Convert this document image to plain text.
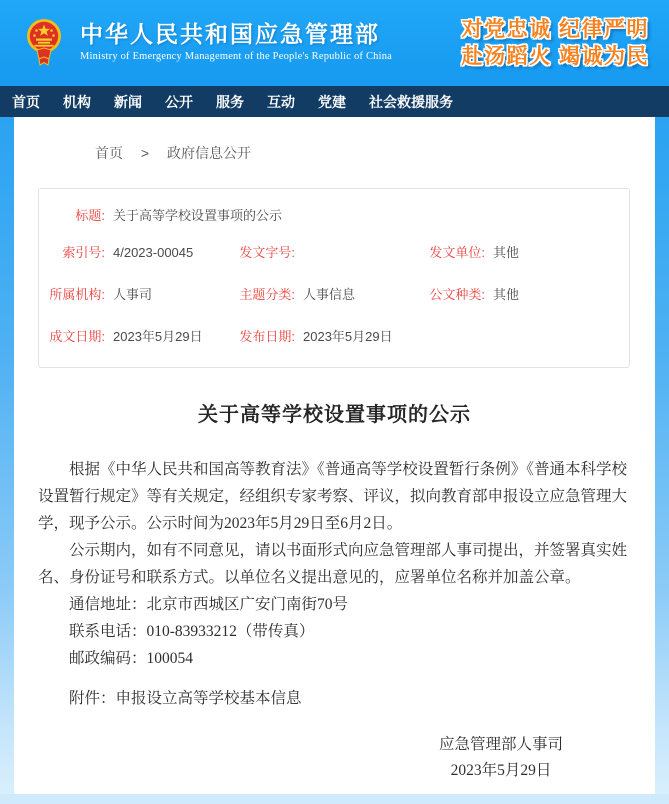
中华人民共和国应急管理部
Ministry of Emergency Management of the People's Republic of China
对党忠诚 纪律严明
赴汤蹈火 竭诚为民
首页 机构 新闻 公开 服务 互动 党建 社会救援服务
首页 > 政府信息公开
标题: 关于高等学校设置事项的公示
索引号: 4/2023-00045	发文字号:	发文单位: 其他
所属机构: 人事司	主题分类: 人事信息	公文种类: 其他
成文日期: 2023年5月29日	发布日期: 2023年5月29日
关于高等学校设置事项的公示

根据《中华人民共和国高等教育法》《普通高等学校设置暂行条例》《普通本科学校设置暂行规定》等有关规定，经组织专家考察、评议，拟向教育部申报设立应急管理大学，现予公示。公示时间为2023年5月29日至6月2日。

公示期内，如有不同意见，请以书面形式向应急管理部人事司提出，并签署真实姓名、身份证号和联系方式。以单位名义提出意见的，应署单位名称并加盖公章。

通信地址：北京市西城区广安门南街70号

联系电话：010-83933212（带传真）

邮政编码：100054

附件：申报设立高等学校基本信息

应急管理部人事司
2023年5月29日
